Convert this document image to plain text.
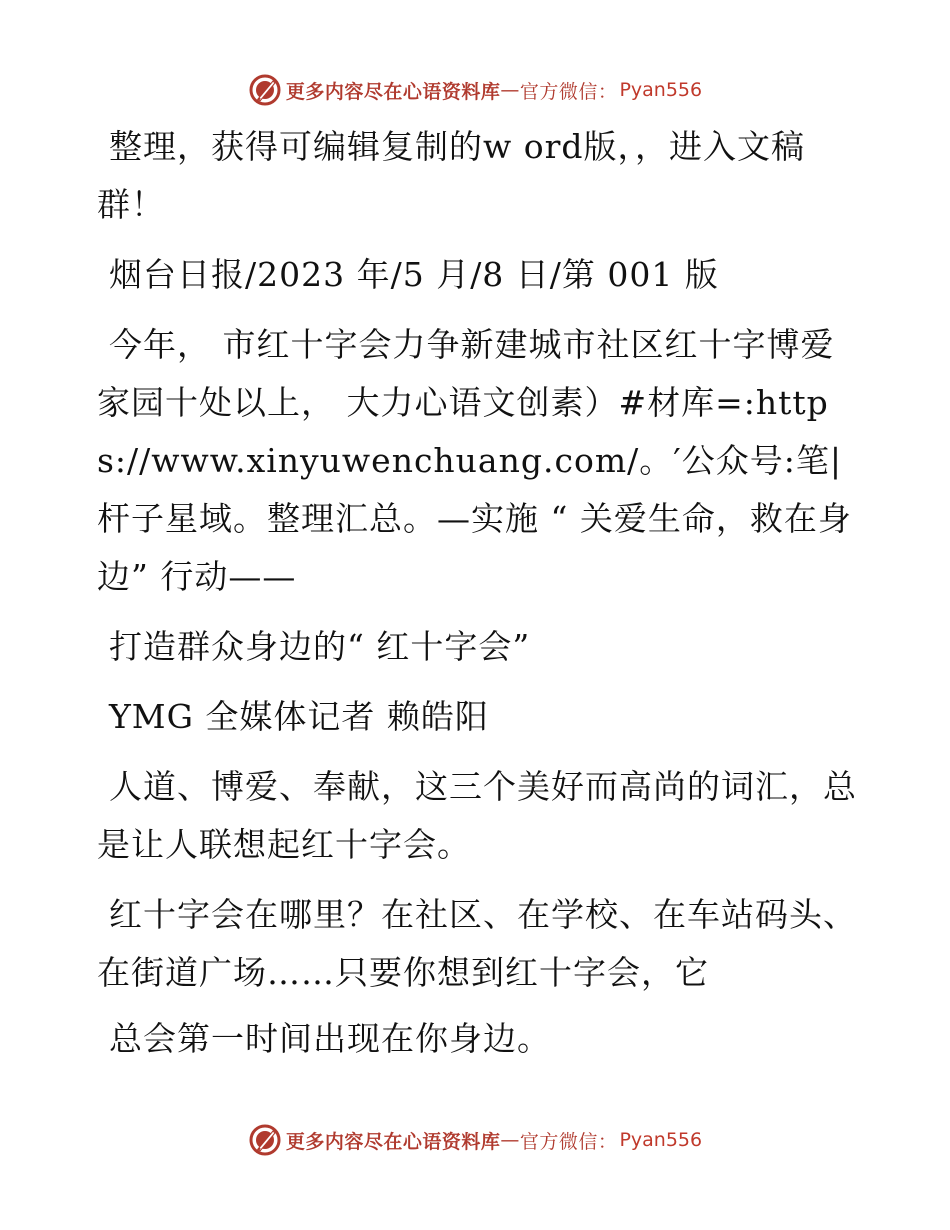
更多内容尽在心语资料库 — 官方微信： Pyan556

整理，获得可编辑复制的w ord版，，进入文稿群！

烟台日报/2023 年/5 月/8 日/第 001 版

今年， 市红十字会力争新建城市社区红十字博爱家园十处以上， 大力心语文创素）#材库=:https://www.xinyuwenchuang.com/。′公众号:笔|杆子星域。整理汇总。—实施 “ 关爱生命，救在身边” 行动——

打造群众身边的“ 红十字会”

YMG 全媒体记者 赖皓阳

人道、博爱、奉献，这三个美好而高尚的词汇，总是让人联想起红十字会。

红十字会在哪里？在社区、在学校、在车站码头、在街道广场……只要你想到红十字会，它

总会第一时间出现在你身边。

更多内容尽在心语资料库 — 官方微信： Pyan556
